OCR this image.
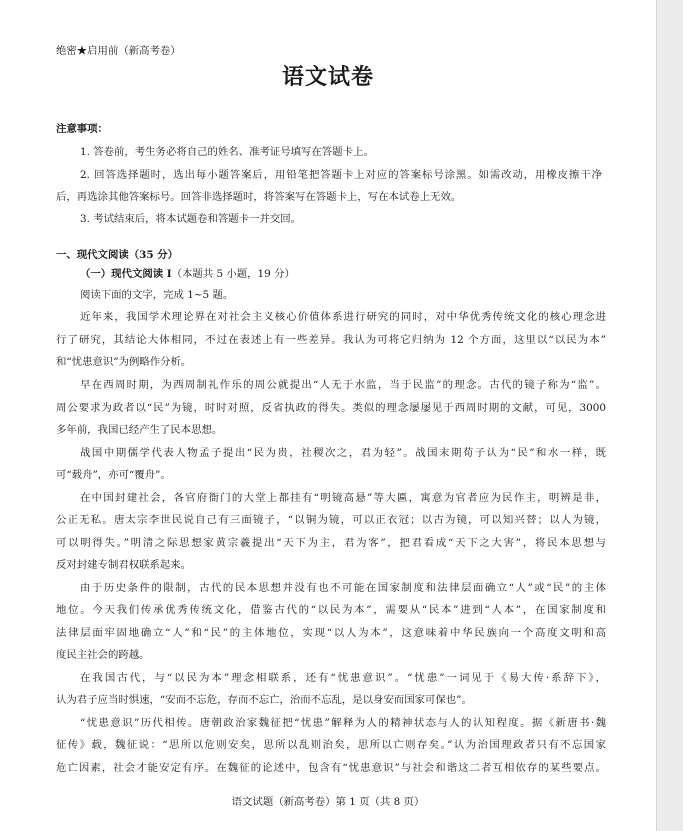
绝密★启用前（新高考卷）
语文试卷
注意事项：
1. 答卷前，考生务必将自己的姓名、准考证号填写在答题卡上。
2. 回答选择题时，选出每小题答案后，用铅笔把答题卡上对应的答案标号涂黑。如需改动，用橡皮擦干净
后，再选涂其他答案标号。回答非选择题时，将答案写在答题卡上，写在本试卷上无效。
3. 考试结束后，将本试题卷和答题卡一并交回。
一、现代文阅读（35 分）
（一）现代文阅读 I（本题共 5 小题，19 分）
阅读下面的文字，完成 1~5 题。
近年来，我国学术理论界在对社会主义核心价值体系进行研究的同时，对中华优秀传统文化的核心理念进
行了研究，其结论大体相同，不过在表述上有一些差异。我认为可将它归纳为 12 个方面，这里以“以民为本”
和“忧患意识”为例略作分析。
早在西周时期，为西周制礼作乐的周公就提出“人无于水监，当于民监”的理念。古代的镜子称为“监”。
周公要求为政者以“民”为镜，时时对照，反省执政的得失。类似的理念屡屡见于西周时期的文献，可见，3000
多年前，我国已经产生了民本思想。
战国中期儒学代表人物孟子提出“民为贵，社稷次之，君为轻”。战国末期荀子认为“民”和水一样，既
可“载舟”，亦可“覆舟”。
在中国封建社会，各官府衙门的大堂上都挂有“明镜高悬”等大匾，寓意为官者应为民作主，明辨是非，
公正无私。唐太宗李世民说自己有三面镜子，“以铜为镜，可以正衣冠；以古为镜，可以知兴替；以人为镜，
可以明得失。”明清之际思想家黄宗羲提出“天下为主，君为客”，把君看成“天下之大害”，将民本思想与
反对封建专制君权联系起来。
由于历史条件的限制，古代的民本思想并没有也不可能在国家制度和法律层面确立“人”或“民”的主体
地位。今天我们传承优秀传统文化，借鉴古代的“以民为本”，需要从“民本”进到“人本”，在国家制度和
法律层面牢固地确立“人”和“民”的主体地位，实现“以人为本”，这意味着中华民族向一个高度文明和高
度民主社会的跨越。
在我国古代，与“以民为本”理念相联系，还有“忧患意识”。“忧患”一词见于《易大传·系辞下》，
认为君子应当时惧速，“安而不忘危，存而不忘亡，治而不忘乱，是以身安而国家可保也”。
“忧患意识”历代相传。唐朝政治家魏征把“忧患”解释为人的精神状态与人的认知程度。据《新唐书·魏
征传》载，魏征说：“思所以危则安矣，思所以乱则治矣，思所以亡则存矣。”认为治国理政者只有不忘国家
危亡因素，社会才能安定有序。在魏征的论述中，包含有“忧患意识”与社会和谐这二者互相依存的某些要点。
语文试题（新高考卷）第 1 页（共 8 页）
